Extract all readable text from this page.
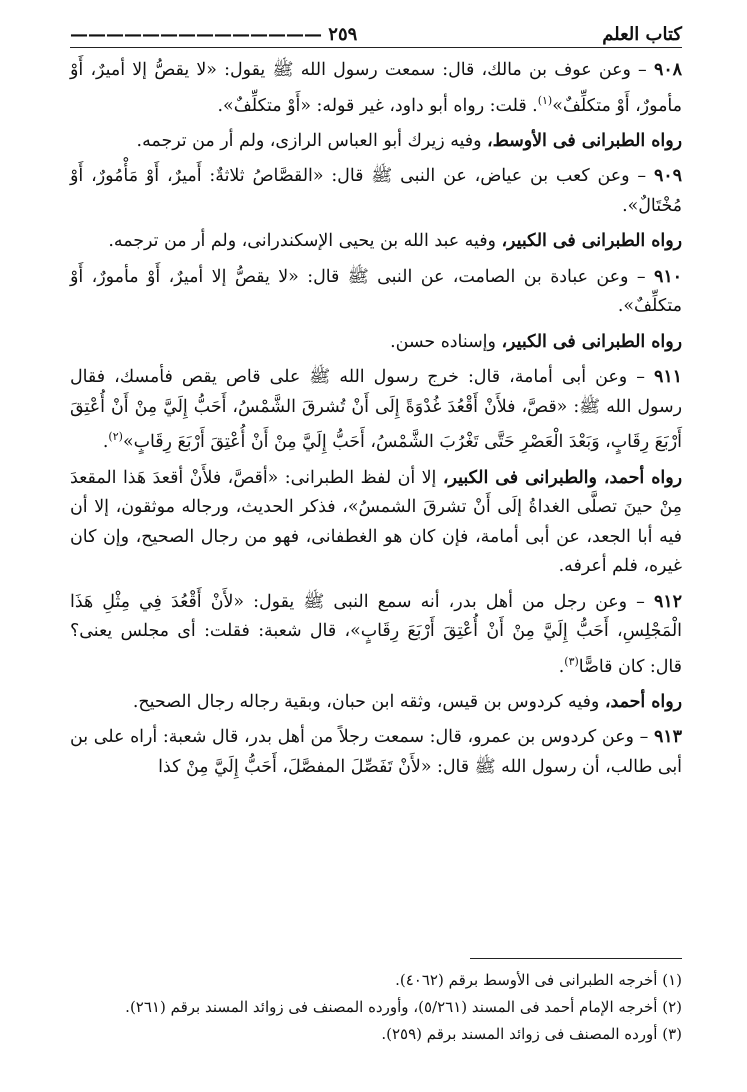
كتاب العلم
٢٥٩ ——————————————

٩٠٨ – وعن عوف بن مالك، قال: سمعت رسول الله ﷺ يقول: «لا يقصُّ إلا أميرٌ، أَوْ مأمورٌ، أَوْ متكلِّفٌ»$^{(١)}$. قلت: رواه أبو داود، غير قوله: «أَوْ متكلِّفٌ».

رواه الطبرانى فى الأوسط، وفيه زيرك أبو العباس الرازى، ولم أر من ترجمه.

٩٠٩ – وعن كعب بن عياض، عن النبى ﷺ قال: «القصَّاصُ ثلاثةٌ: أَميرٌ، أَوْ مَأْمُورٌ، أَوْ مُخْتَالٌ».

رواه الطبرانى فى الكبير، وفيه عبد الله بن يحيى الإسكندرانى، ولم أر من ترجمه.

٩١٠ – وعن عبادة بن الصامت، عن النبى ﷺ قال: «لا يقصُّ إلا أميرٌ، أَوْ مأمورٌ، أَوْ متكلِّفٌ».

رواه الطبرانى فى الكبير، وإسناده حسن.

٩١١ – وعن أبى أمامة، قال: خرج رسول الله ﷺ على قاص يقص فأمسك، فقال رسول الله ﷺ: «قصَّ، فلأَنْ أَقْعُدَ غُدْوَةً إِلَى أَنْ تُشرقَ الشَّمْسُ، أَحَبُّ إِلَيَّ مِنْ أَنْ أُعْتِقَ أَرْبَعَ رِقَابٍ، وَبَعْدَ الْعَصْرِ حَتَّى تَغْرُبَ الشَّمْسُ، أَحَبُّ إِلَيَّ مِنْ أَنْ أُعْتِقَ أَرْبَعَ رِقَابٍ»$^{(٢)}$.

رواه أحمد، والطبرانى فى الكبير، إلا أن لفظ الطبرانى: «أقصَّ، فلأَنْ أقعدَ هَذا المقعدَ مِنْ حينَ تصلَّى الغداةُ إلَى أَنْ تشرقَ الشمسُ»، فذكر الحديث، ورجاله موثقون، إلا أن فيه أبا الجعد، عن أبى أمامة، فإن كان هو الغطفانى، فهو من رجال الصحيح، وإن كان غيره، فلم أعرفه.

٩١٢ – وعن رجل من أهل بدر، أنه سمع النبى ﷺ يقول: «لأَنْ أَقْعُدَ فِي مِثْلِ هَذَا الْمَجْلِسِ، أَحَبُّ إِلَيَّ مِنْ أَنْ أُعْتِقَ أَرْبَعَ رِقَابٍ»، قال شعبة: فقلت: أى مجلس يعنى؟ قال: كان قاصًّا$^{(٣)}$.

رواه أحمد، وفيه كردوس بن قيس، وثقه ابن حبان، وبقية رجاله رجال الصحيح.

٩١٣ – وعن كردوس بن عمرو، قال: سمعت رجلاً من أهل بدر، قال شعبة: أراه على بن أبى طالب، أن رسول الله ﷺ قال: «لأَنْ تَفَصِّلَ المفصَّلَ، أَحَبُّ إِلَيَّ مِنْ كذا

(١) أخرجه الطبرانى فى الأوسط برقم (٤٠٦٢).

(٢) أخرجه الإمام أحمد فى المسند (٥/٢٦١)، وأورده المصنف فى زوائد المسند برقم (٢٦١).

(٣) أورده المصنف فى زوائد المسند برقم (٢٥٩).
